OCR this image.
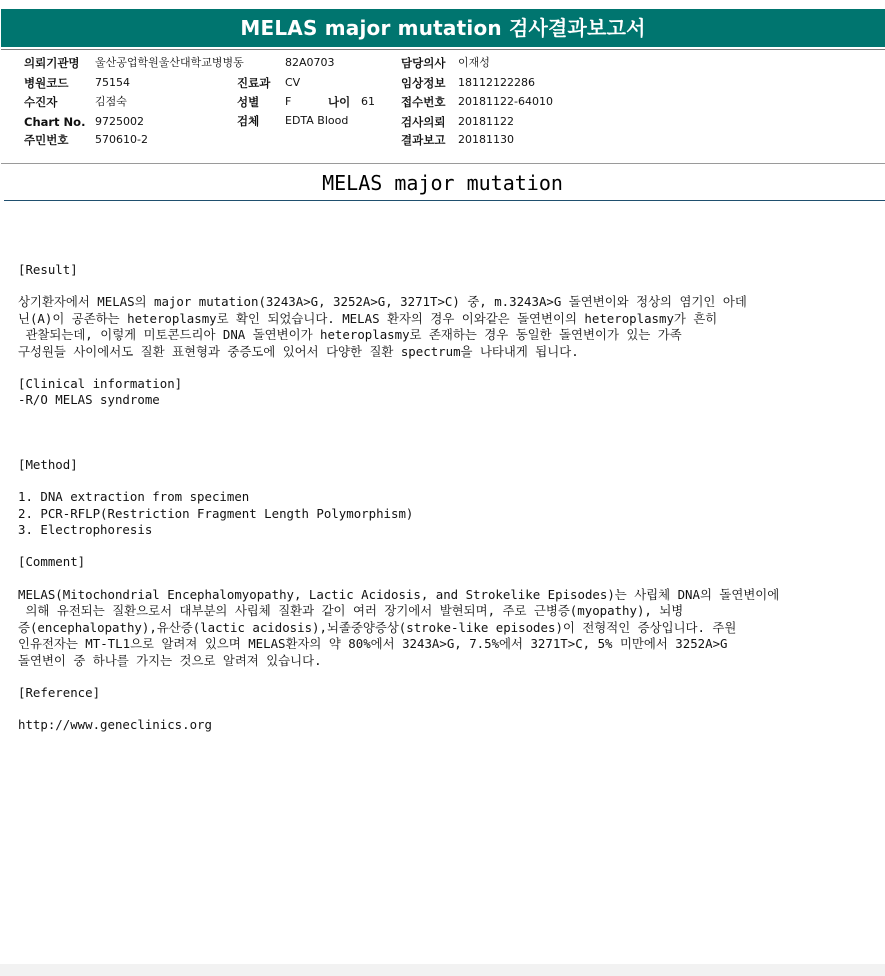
MELAS major mutation 검사결과보고서
의뢰기관명 울산공업학원울산대학교병병동	82A0703	담당의사 이재성
병원코드 75154	진료과 CV	임상정보 18112122286
수진자	김점숙	성별 F	나이 61 접수번호 20181122-64010
Chart No. 9725002	검체 EDTA Blood	검사의뢰 20181122
주민번호 570610-2	결과보고 20181130
MELAS major mutation

[Result]

상기환자에서 MELAS의 major mutation(3243A>G, 3252A>G, 3271T>C) 중, m.3243A>G 돌연변이와 정상의 염기인 아데

닌(A)이 공존하는 heteroplasmy로 확인 되었습니다. MELAS 환자의 경우 이와같은 돌연변이의 heteroplasmy가 흔히

관찰되는데, 이렇게 미토콘드리아 DNA 돌연변이가 heteroplasmy로 존재하는 경우 동일한 돌연변이가 있는 가족

구성원들 사이에서도 질환 표현형과 중증도에 있어서 다양한 질환 spectrum을 나타내게 됩니다.

[Clinical information]

-R/O MELAS syndrome

[Method]

1. DNA extraction from specimen

2. PCR-RFLP(Restriction Fragment Length Polymorphism)

3. Electrophoresis

[Comment]

MELAS(Mitochondrial Encephalomyopathy, Lactic Acidosis, and Strokelike Episodes)는 사립체 DNA의 돌연변이에

의해 유전되는 질환으로서 대부분의 사립체 질환과 같이 여러 장기에서 발현되며, 주로 근병증(myopathy), 뇌병

증(encephalopathy),유산증(lactic acidosis),뇌졸중양증상(stroke-like episodes)이 전형적인 증상입니다. 주원

인유전자는 MT-TL1으로 알려져 있으며 MELAS환자의 약 80%에서 3243A>G, 7.5%에서 3271T>C, 5% 미만에서 3252A>G

돌연변이 중 하나를 가지는 것으로 알려져 있습니다.

[Reference]

http://www.geneclinics.org
